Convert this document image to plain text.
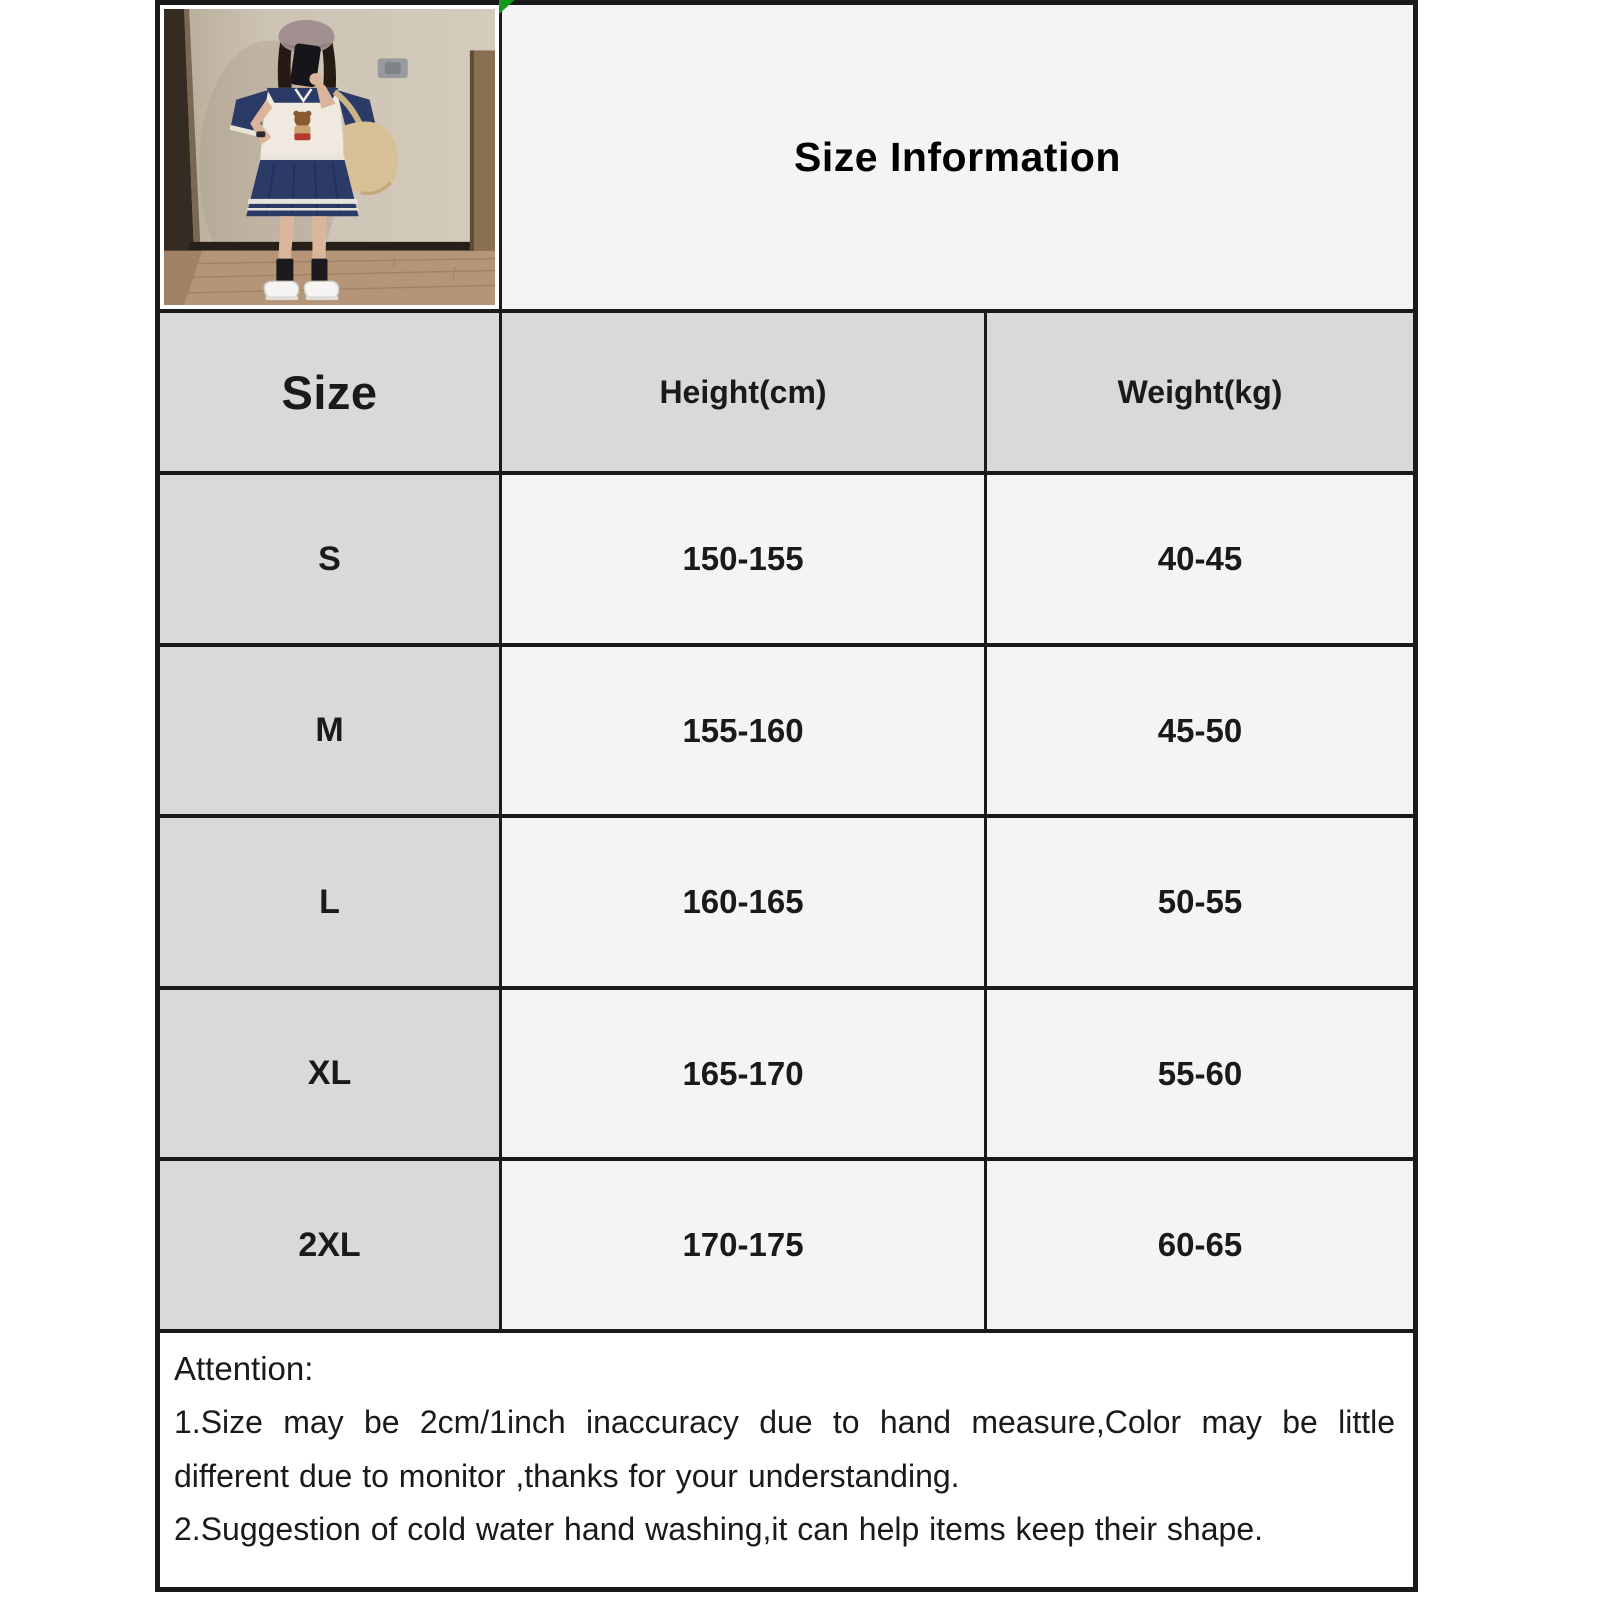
Size Information
Size	Height(cm)	Weight(kg)
S	150-155	40-45
M	155-160	45-50
L	160-165	50-55
XL	165-170	55-60
2XL	170-175	60-65
Attention:
1.Size may be 2cm/1inch inaccuracy due to hand measure,Color may be little different due to monitor ,thanks for your understanding.
2.Suggestion of cold water hand washing,it can help items keep their shape.
